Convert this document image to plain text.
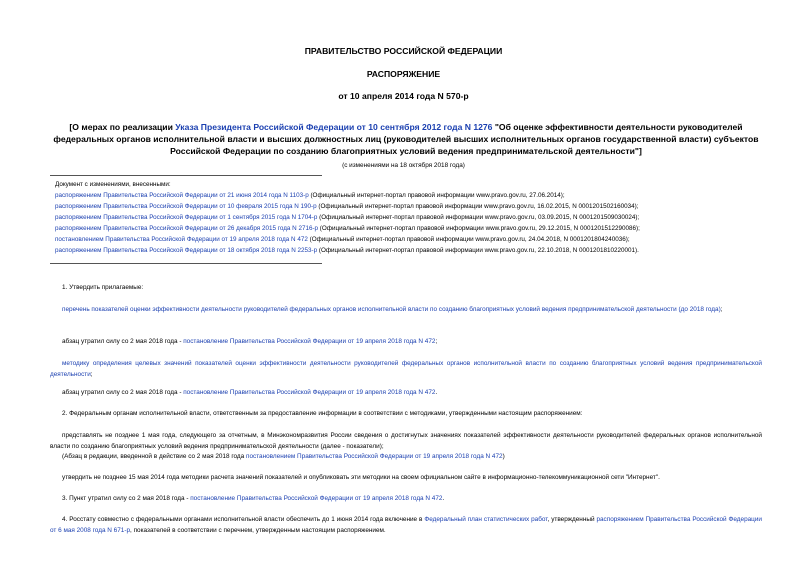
ПРАВИТЕЛЬСТВО РОССИЙСКОЙ ФЕДЕРАЦИИ
РАСПОРЯЖЕНИЕ
от 10 апреля 2014 года N 570-р
[О мерах по реализации Указа Президента Российской Федерации от 10 сентября 2012 года N 1276 "Об оценке эффективности деятельности руководителей федеральных органов исполнительной власти и высших должностных лиц (руководителей высших исполнительных органов государственной власти) субъектов Российской Федерации по созданию благоприятных условий ведения предпринимательской деятельности"]
(с изменениями на 18 октября 2018 года)
Документ с изменениями, внесенными:
распоряжением Правительства Российской Федерации от 21 июня 2014 года N 1103-р (Официальный интернет-портал правовой информации www.pravo.gov.ru, 27.06.2014);
распоряжением Правительства Российской Федерации от 10 февраля 2015 года N 190-р (Официальный интернет-портал правовой информации www.pravo.gov.ru, 16.02.2015, N 0001201502160034);
распоряжением Правительства Российской Федерации от 1 сентября 2015 года N 1704-р (Официальный интернет-портал правовой информации www.pravo.gov.ru, 03.09.2015, N 0001201509030024);
распоряжением Правительства Российской Федерации от 26 декабря 2015 года N 2716-р (Официальный интернет-портал правовой информации www.pravo.gov.ru, 29.12.2015, N 0001201512290086);
постановлением Правительства Российской Федерации от 19 апреля 2018 года N 472 (Официальный интернет-портал правовой информации www.pravo.gov.ru, 24.04.2018, N 0001201804240036);
распоряжением Правительства Российской Федерации от 18 октября 2018 года N 2253-р (Официальный интернет-портал правовой информации www.pravo.gov.ru, 22.10.2018, N 0001201810220001).
1. Утвердить прилагаемые:
перечень показателей оценки эффективности деятельности руководителей федеральных органов исполнительной власти по созданию благоприятных условий ведения предпринимательской деятельности (до 2018 года);
абзац утратил силу со 2 мая 2018 года - постановление Правительства Российской Федерации от 19 апреля 2018 года N 472;
методику определения целевых значений показателей оценки эффективности деятельности руководителей федеральных органов исполнительной власти по созданию благоприятных условий ведения предпринимательской деятельности;
абзац утратил силу со 2 мая 2018 года - постановление Правительства Российской Федерации от 19 апреля 2018 года N 472.
2. Федеральным органам исполнительной власти, ответственным за предоставление информации в соответствии с методиками, утвержденными настоящим распоряжением:
представлять не позднее 1 мая года, следующего за отчетным, в Минэкономразвития России сведения о достигнутых значениях показателей эффективности деятельности руководителей федеральных органов исполнительной власти по созданию благоприятных условий ведения предпринимательской деятельности (далее - показатели);
(Абзац в редакции, введенной в действие со 2 мая 2018 года постановлением Правительства Российской Федерации от 19 апреля 2018 года N 472)
утвердить не позднее 15 мая 2014 года методики расчета значений показателей и опубликовать эти методики на своем официальном сайте в информационно-телекоммуникационной сети "Интернет".
3. Пункт утратил силу со 2 мая 2018 года - постановление Правительства Российской Федерации от 19 апреля 2018 года N 472.
4. Росстату совместно с федеральными органами исполнительной власти обеспечить до 1 июня 2014 года включение в Федеральный план статистических работ, утвержденный распоряжением Правительства Российской Федерации от 6 мая 2008 года N 671-р, показателей в соответствии с перечнем, утвержденным настоящим распоряжением.
